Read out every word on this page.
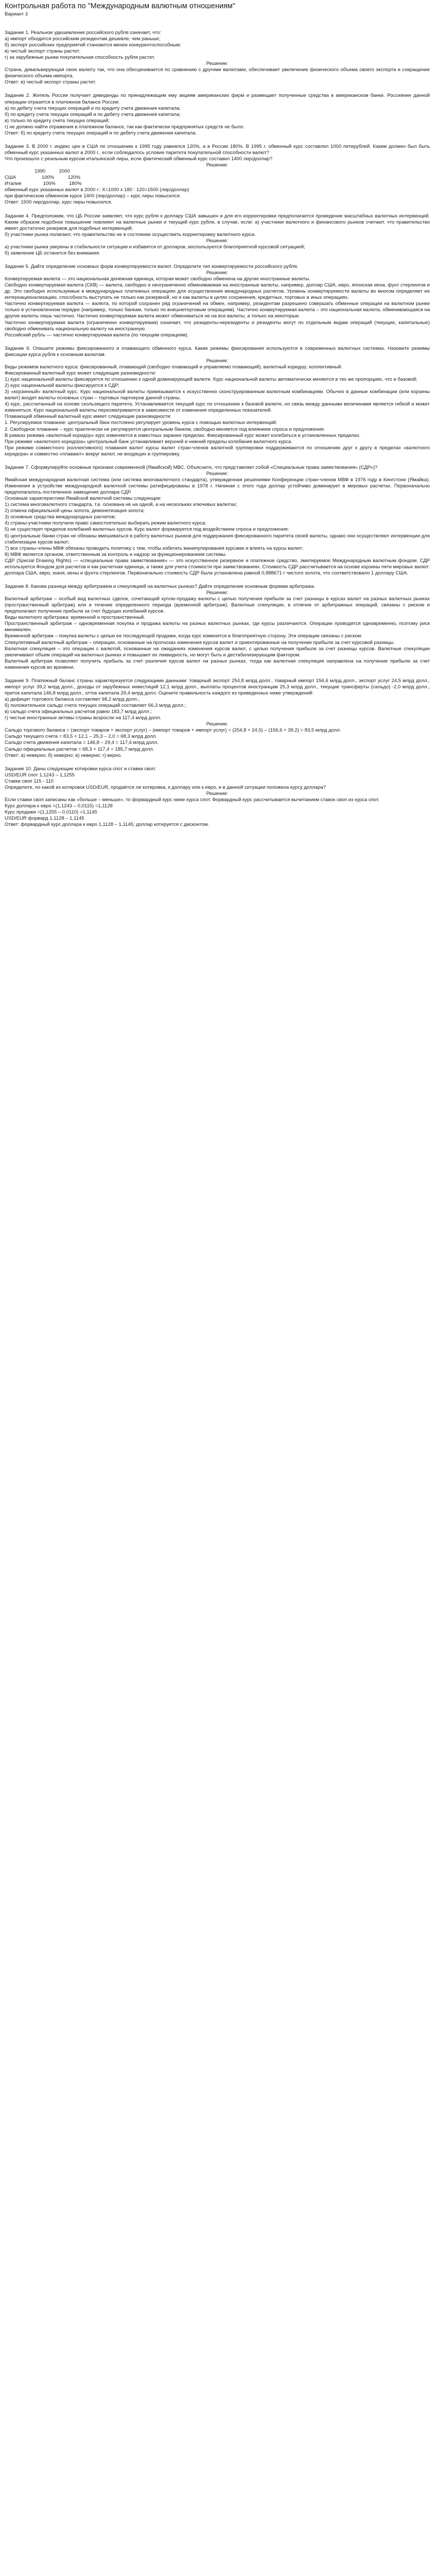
Контрольная работа по "Международным валютным отношениям"
Вариант 3

Задание 1. Реальное удешевление российского рубля означает, что:

а) импорт обходится российским резидентам дешевле, чем раньше;

б) экспорт российских предприятий становится менее конкурентоспособным;

в) чистый экспорт страны растет;

г) за зарубежные рынки покупательная способность рубля растет.

Решение:

Страна, девальвирующая свою валюту так, что она обесценивается по сравнению с другими валютами, обеспечивает увеличение физического объема своего экспорта и сокращение физического объема импорта.

Ответ: в) чистый экспорт страны растет.

Задание 2. Житель России получает дивиденды по принадлежащим ему акциям американских фирм и размещает полученные средства в американском банке. Россиянин данной операции отразится в платежном балансе России:

а) по дебету счета текущих операций и по кредиту счета движения капитала;

б) по кредиту счета текущих операций и по дебету счета движения капитала;

в) только по кредиту счета текущих операций;

г) не должно найти отражения в платежном балансе, так как фактически предпринятых средств не было.

Ответ: б) по кредиту счета текущих операций и по дебету счета движения капитала.

Задание 3. В 2000 г. индекс цен в США по отношению к 1995 году равнялся 120%, а в России 180%. В 1995 г. обменный курс составлял 1000 пятирублей. Каким должен был быть обменный курс указанных валют в 2000 г., если соблюдалось условие паритета покупательной способности валют?

Что произошло с реальным курсом итальянской лиры, если фактический обменный курс составил 1400 лир/доллар?

Решение:

1990          2000
США                   100%          120%
Италия                100%          180%

обменный курс указанных валют в 2000 г.: X=1000 х 180 : 120=1500 (лир/доллар)

при фактическом обменном курсе 1400 (лир/доллар) – курс лиры повысился.

Ответ: 1500 лир/доллар, курс лиры повысился.

Задание 4. Предположим, что ЦБ России заявляет, что курс рубля к доллару США завышен и для его корректировки предполагается проведение масштабных валютных интервенций. Каким образом подобное повышение повлияет на валютные рынки и текущий курс рубля, в случае, если: а) участники валютного и финансового рынков считают, что правительство имеет достаточно резервов для подобных интервенций;

б) участники рынка полагают, что правительство не в состоянии осуществить корректировку валютного курса.

Решение:

а) участники рынка уверены в стабильности ситуации и избавятся от долларов, воспользуются благоприятной курсовой ситуацией;

б) заявление ЦБ останется без внимания.

Задание 5. Дайте определение основных форм конвертируемости валют. Определите тип конвертируемости российского рубля.

Решение:

Конвертируемая валюта — это национальная денежная единица, которая может свободно обменена на другие иностранные валюты.

Свободно конвертируемая валюта (СКВ) — валюта, свободно и неограниченно обмениваемая на иностранные валюты, например, доллар США, евро, японская иена, фунт стерлингов и др. Это свободно используемые в международных платежных операциях для осуществления международных расчетов. Уровень конвертируемости валюты во многом определяет ее интернационализацию, способность выступать не только как резервной, но и как валюты в целях сохранения, кредитных, торговых и иных операциях.

Частично конвертируемая валюта — валюта, по которой сохранен ряд ограничений на обмен, например, резидентам разрешено совершать обменные операции на валютном рынке только в установленном порядке (например, только банкам, только по внешнеторговым операциям). Частично конвертируемая валюта – это национальная валюта, обменивающаяся на другие валюты лишь частично. Частично конвертируемая валюта может обмениваться не на все валюты, а только на некоторые.

Частично конвертируемая валюта (ограниченно конвертируемая) означает, что резиденты-нерезиденты и резиденты могут по отдельным видам операций (текущие, капитальные) свободно обменивать национальную валюту на иностранную.

Российский рубль — частично конвертируемая валюта (по текущим операциям).

Задание 6. Опишите режимы фиксированного и плавающего обменного курса. Какие режимы фиксирования используются в современных валютных системах. Назовите режимы фиксации курса рубля к основным валютам.

Решение:

Виды режимов валютного курса: фиксированный, плавающий (свободно плавающий и управляемо плавающий), валютный коридор, коллективный.

Фиксированный валютный курс может следующие разновидности:

1) курс национальной валюты фиксируется по отношению к одной доминирующей валюте. Курс национальной валюты автоматически меняется в тех же пропорциях, что и базовой;

2) курс национальной валюты фиксируется к СДР;

3) «корзинный» валютный курс. Курс национальной валюты привязывается к искусственно сконструированным валютным комбинациям. Обычно в данные комбинации (или корзины валют) входят валюты основных стран – торговых партнеров данной страны.

4) курс, рассчитанный на основе скользящего паритета. Устанавливается текущий курс по отношению к базовой валюте, но связь между данными величинами является гибкой и может изменяться. Курс национальной валюты пересматривается в зависимости от изменения определенных показателей.

Плавающий обменный валютный курс имеет следующие разновидности:

1. Регулируемое плавание: центральный банк постоянно регулирует уровень курса с помощью валютных интервенций.

2. Свободное плавание – курс практически не регулируется центральным банком, свободно меняется под влиянием спроса и предложения.

В рамках режима «валютный коридор» курс изменяется в известных заранее пределах. Фиксированный курс может колебаться в установленных пределах.

При режиме «валютного коридора» центральный банк устанавливает верхний и нижний пределы колебания валютного курса.

При режиме совместного (коллективного) плавания валют курсы валют стран-членов валютной группировки поддерживаются по отношению друг к другу в пределах «валютного коридора» и совместно «плавают» вокруг валют, не входящих в группировку.

Задание 7. Сформулируйте основные признаки современной (Ямайской) МВС. Объясните, что представляет собой «Специальные права заимствования» (СДР»)?

Решение:

Ямайская международная валютная система (или система многовалютного стандарта), утвержденная решениями Конференции стран-членов МВФ в 1976 году в Кингстоне (Ямайка). Изменения в устройстве международной валютной системы ратифицированы в 1978 г. Начиная с этого года доллар устойчиво доминирует в мировых расчетах. Первоначально предполагалось постепенное замещение доллара СДР.

Основные характеристики Ямайской валютной системы следующие:

1) система многовалютного стандарта, т.е. основана не на одной, а на нескольких ключевых валютах;

2) отмена официальной цены золота, демонетизация золота;

3) основные средства международных расчетов;

4) страны-участники получили право самостоятельно выбирать режим валютного курса;

5) не существует пределов колебаний валютных курсов. Курс валют формируется под воздействием спроса и предложения;

6) центральные банки стран не обязаны вмешиваться в работу валютных рынков для поддержания фиксированного паритета своей валюты, однако они осуществляют интервенции для стабилизации курсов валют;

7) все страны-члены МВФ обязаны проводить политику с тем, чтобы избегать манипулирования курсами и влиять на курсы валют;

8) МВФ является органом, ответственным за контроль и надзор за функционированием системы.

СДР (Special Drawing Rights) — «специальные права заимствования» — это искусственное резервное и платежное средство, эмитируемое Международным валютным фондом. СДР используется Фондом для расчетов и как расчетная единица, а также для учета стоимости при заимствованиях. Стоимость СДР рассчитывается на основе корзины пяти мировых валют: доллара США, евро, юаня, иены и фунта стерлингов. Первоначально стоимость СДР была установлена равной 0,888671 г чистого золота, что соответствовало 1 доллару США.

Задание 8. Какова разница между арбитражем и спекуляцией на валютных рынках? Дайте определение основным формам арбитража.

Решение:

Валютный арбитраж – особый вид валютных сделок, сочетающий куплю-продажу валюты с целью получения прибыли за счет разницы в курсах валют на разных валютных рынках (пространственный арбитраж) или в течение определенного периода (временной арбитраж). Валютные спекуляции, в отличие от арбитражных операций, связаны с риском и предполагают получение прибыли за счет будущих колебаний курсов.

Виды валютного арбитража: временной и пространственный.

Пространственный арбитраж – одновременная покупка и продажа валюты на разных валютных рынках, где курсы различаются. Операции проводятся одновременно, поэтому риск минимален.

Временной арбитраж – покупка валюты с целью ее последующей продажи, когда курс изменится в благоприятную сторону. Эти операции связаны с риском.

Спекулятивный валютный арбитраж – операции, основанные на прогнозах изменения курсов валют и ориентированные на получение прибыли за счет курсовой разницы.

Валютная спекуляция – это операции с валютой, основанные на ожиданиях изменения курсов валют, с целью получения прибыли за счет разницы курсов. Валютные спекуляции увеличивают объем операций на валютных рынках и повышают их ликвидность, но могут быть и дестабилизирующим фактором.

Валютный арбитраж позволяет получить прибыль за счет различия курсов валют на разных рынках, тогда как валютная спекуляция направлена на получение прибыли за счет изменения курсов во времени.

Задание 9. Платежный баланс страны характеризуется следующими данными: товарный экспорт 254,8 млрд долл., товарный импорт 156,6 млрд долл., экспорт услуг 24,5 млрд долл., импорт услуг 39,2 млрд долл., доходы от зарубежных инвестиций 12,1 млрд долл., выплаты процентов иностранцам 25,3 млрд долл., текущие трансферты (сальдо) -2,0 млрд долл., приток капитала 146,8 млрд долл., отток капитала 29,4 млрд долл. Оцените правильность каждого из приведенных ниже утверждений:

а) дефицит торгового баланса составляет 98,2 млрд долл.;

б) положительное сальдо счета текущих операций составляет 66,3 млрд долл.;

в) сальдо счета официальных расчетов равно 183,7 млрд долл.;

г) чистые иностранные активы страны возросли на 117,4 млрд долл.

Решение:

Сальдо торгового баланса = (экспорт товаров + экспорт услуг) – (импорт товаров + импорт услуг) = (254,8 + 24,5) – (156,6 + 39,2) = 83,5 млрд долл.

Сальдо текущего счета = 83,5 + 12,1 – 25,3 – 2,0 = 68,3 млрд долл.

Сальдо счета движения капитала = 146,8 – 29,4 = 117,4 млрд долл.

Сальдо официальных расчетов = 68,3 + 117,4 = 185,7 млрд долл.

Ответ: а) неверно; б) неверно; в) неверно; г) верно.

Задание 10. Даны следующие котировки курса спот и ставки своп:

USD/EUR спот 1,1243 – 1,1255

Ставки своп 115 - 110

Определите, по какой из котировок USD/EUR, продаётся ли котировка, к доллару или к евро, и в данной ситуации положена курсу доллара?

Решение:

Если ставки своп записаны как «больше – меньше», то форвардный курс ниже курса спот. Форвардный курс рассчитывается вычитанием ставок своп из курса спот.

Курс доллара к евро =(1,1243 – 0,0115) =1,1128

Курс продажи =(1,1255 – 0,0110) =1,1145

USD/EUR форвард 1,1128 – 1,1145

Ответ: форвардный курс доллара к евро 1,1128 – 1,1145; доллар котируется с дисконтом.
